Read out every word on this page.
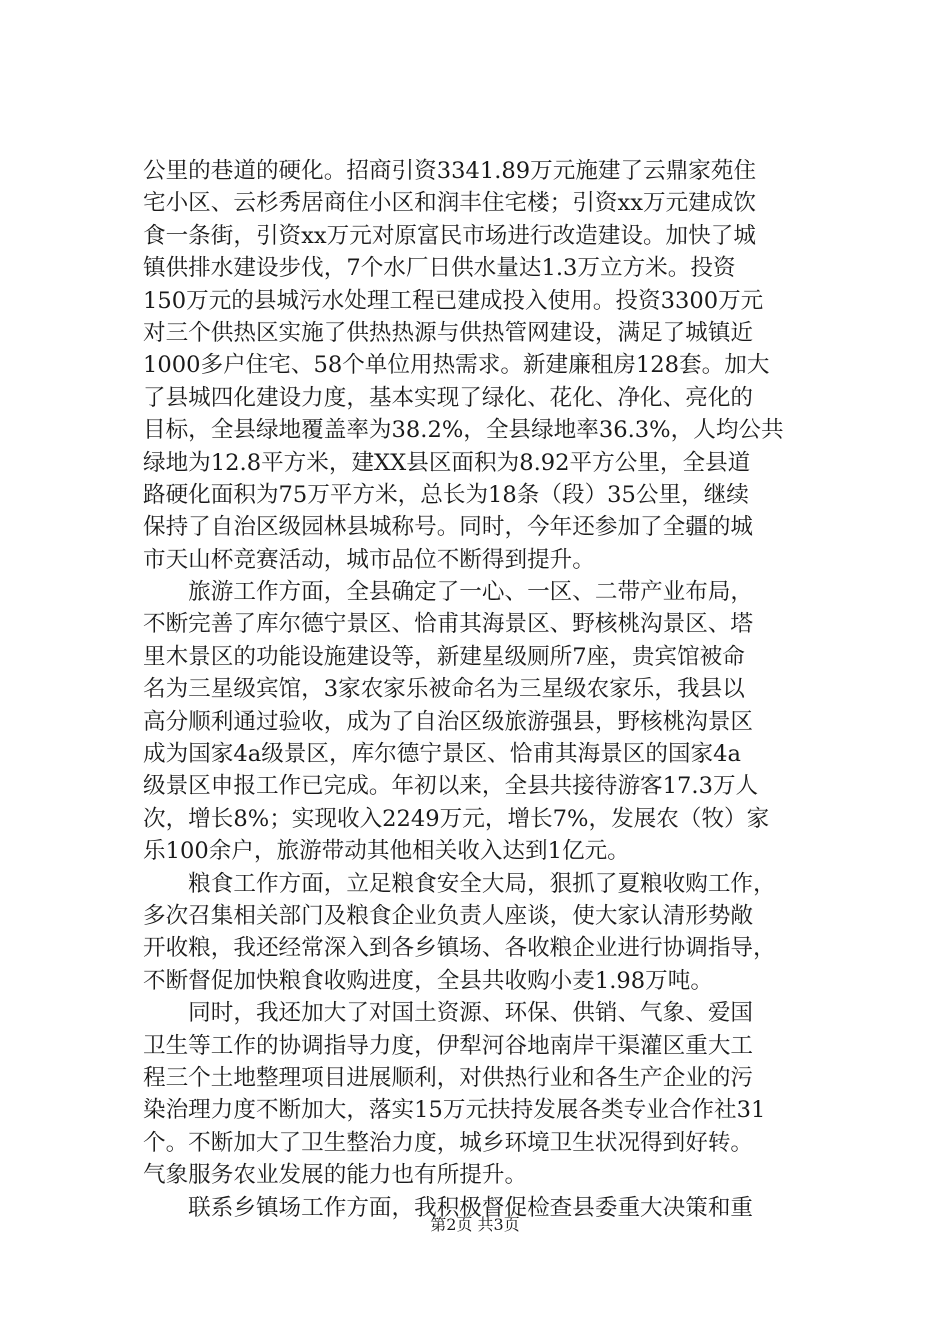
公里的巷道的硬化。招商引资3341.89万元施建了云鼎家苑住
宅小区、云杉秀居商住小区和润丰住宅楼；引资xx万元建成饮
食一条街，引资xx万元对原富民市场进行改造建设。加快了城
镇供排水建设步伐，7个水厂日供水量达1.3万立方米。投资
150万元的县城污水处理工程已建成投入使用。投资3300万元
对三个供热区实施了供热热源与供热管网建设，满足了城镇近
1000多户住宅、58个单位用热需求。新建廉租房128套。加大
了县城四化建设力度，基本实现了绿化、花化、净化、亮化的
目标，全县绿地覆盖率为38.2%，全县绿地率36.3%，人均公共
绿地为12.8平方米，建XX县区面积为8.92平方公里，全县道
路硬化面积为75万平方米，总长为18条（段）35公里，继续
保持了自治区级园林县城称号。同时，今年还参加了全疆的城
市天山杯竞赛活动，城市品位不断得到提升。
　　旅游工作方面，全县确定了一心、一区、二带产业布局，
不断完善了库尔德宁景区、恰甫其海景区、野核桃沟景区、塔
里木景区的功能设施建设等，新建星级厕所7座，贵宾馆被命
名为三星级宾馆，3家农家乐被命名为三星级农家乐，我县以
高分顺利通过验收，成为了自治区级旅游强县，野核桃沟景区
成为国家4a级景区，库尔德宁景区、恰甫其海景区的国家4a
级景区申报工作已完成。年初以来，全县共接待游客17.3万人
次，增长8%；实现收入2249万元，增长7%，发展农（牧）家
乐100余户，旅游带动其他相关收入达到1亿元。
　　粮食工作方面，立足粮食安全大局，狠抓了夏粮收购工作，
多次召集相关部门及粮食企业负责人座谈，使大家认清形势敞
开收粮，我还经常深入到各乡镇场、各收粮企业进行协调指导，
不断督促加快粮食收购进度，全县共收购小麦1.98万吨。
　　同时，我还加大了对国土资源、环保、供销、气象、爱国
卫生等工作的协调指导力度，伊犁河谷地南岸干渠灌区重大工
程三个土地整理项目进展顺利，对供热行业和各生产企业的污
染治理力度不断加大，落实15万元扶持发展各类专业合作社31
个。不断加大了卫生整治力度，城乡环境卫生状况得到好转。
气象服务农业发展的能力也有所提升。
　　联系乡镇场工作方面，我积极督促检查县委重大决策和重
第2页 共3页
